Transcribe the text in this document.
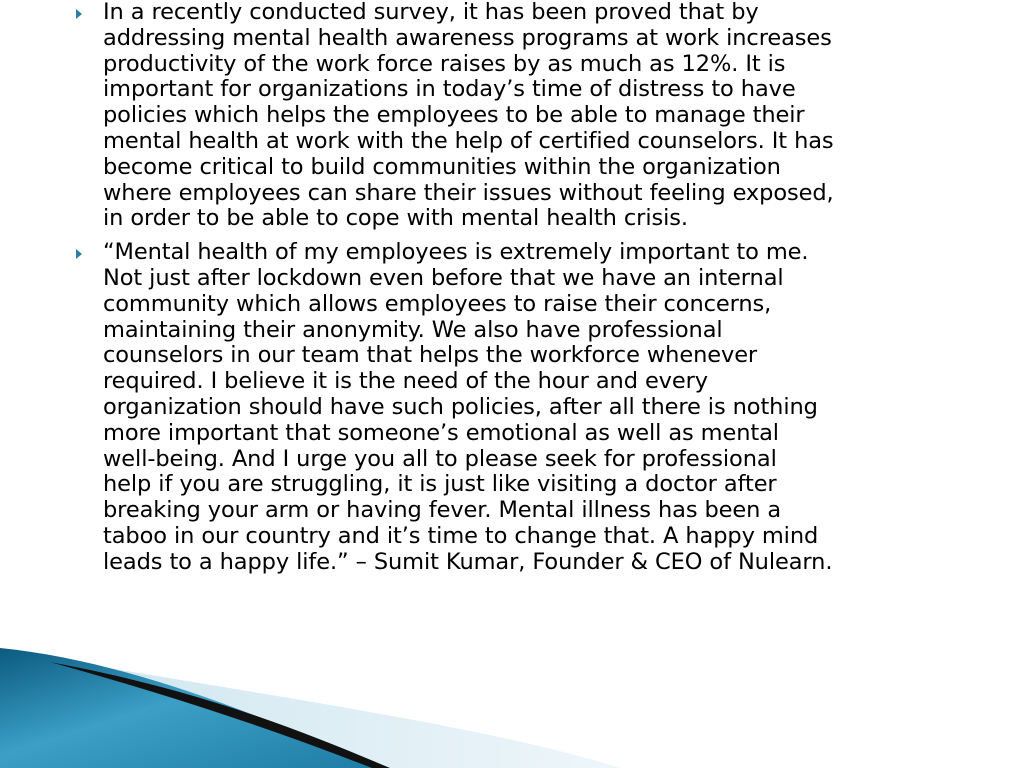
In a recently conducted survey, it has been proved that by
addressing mental health awareness programs at work increases
productivity of the work force raises by as much as 12%. It is
important for organizations in today’s time of distress to have
policies which helps the employees to be able to manage their
mental health at work with the help of certified counselors. It has
become critical to build communities within the organization
where employees can share their issues without feeling exposed,
in order to be able to cope with mental health crisis.
“Mental health of my employees is extremely important to me.
Not just after lockdown even before that we have an internal
community which allows employees to raise their concerns,
maintaining their anonymity. We also have professional
counselors in our team that helps the workforce whenever
required. I believe it is the need of the hour and every
organization should have such policies, after all there is nothing
more important that someone’s emotional as well as mental
well-being. And I urge you all to please seek for professional
help if you are struggling, it is just like visiting a doctor after
breaking your arm or having fever. Mental illness has been a
taboo in our country and it’s time to change that. A happy mind
leads to a happy life.” – Sumit Kumar, Founder & CEO of Nulearn.
